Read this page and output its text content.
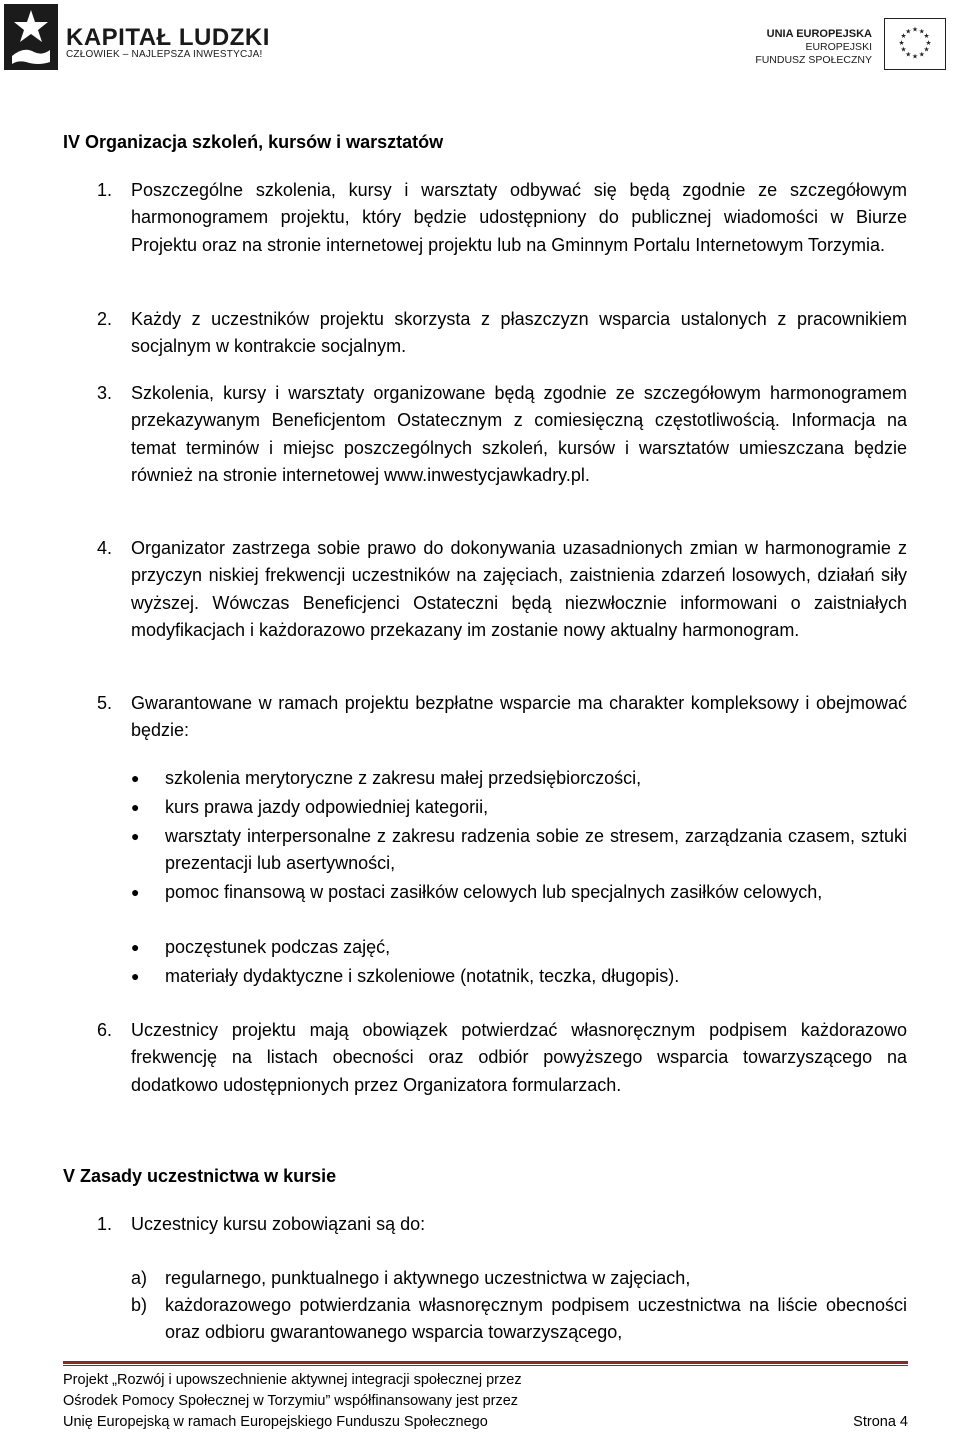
KAPITAŁ LUDZKI
CZŁOWIEK – NAJLEPSZA INWESTYCJA!
UNIA EUROPEJSKA
EUROPEJSKI
FUNDUSZ SPOŁECZNY
★ ★
★
★
★
★
★
★
★
★
★
★
IV Organizacja szkoleń, kursów i warsztatów
1. Poszczególne szkolenia, kursy i warsztaty odbywać się będą zgodnie ze szczegółowym harmonogramem projektu, który będzie udostępniony do publicznej wiadomości w Biurze Projektu oraz na stronie internetowej projektu lub na Gminnym Portalu Internetowym Torzymia.
2. Każdy z uczestników projektu skorzysta z płaszczyzn wsparcia ustalonych z pracownikiem socjalnym w kontrakcie socjalnym.
3. Szkolenia, kursy i warsztaty organizowane będą zgodnie ze szczegółowym harmonogramem przekazywanym Beneficjentom Ostatecznym z comiesięczną częstotliwością. Informacja na temat terminów i miejsc poszczególnych szkoleń, kursów i warsztatów umieszczana będzie również na stronie internetowej www.inwestycjawkadry.pl.
4. Organizator zastrzega sobie prawo do dokonywania uzasadnionych zmian w harmonogramie z przyczyn niskiej frekwencji uczestników na zajęciach, zaistnienia zdarzeń losowych, działań siły wyższej. Wówczas Beneficjenci Ostateczni będą niezwłocznie informowani o zaistniałych modyfikacjach i każdorazowo przekazany im zostanie nowy aktualny harmonogram.
5. Gwarantowane w ramach projektu bezpłatne wsparcie ma charakter kompleksowy i obejmować będzie:
● szkolenia merytoryczne z zakresu małej przedsiębiorczości,
● kurs prawa jazdy odpowiedniej kategorii,
● warsztaty interpersonalne z zakresu radzenia sobie ze stresem, zarządzania czasem, sztuki prezentacji lub asertywności,
● pomoc finansową w postaci zasiłków celowych lub specjalnych zasiłków celowych,
● poczęstunek podczas zajęć,
● materiały dydaktyczne i szkoleniowe (notatnik, teczka, długopis).
6. Uczestnicy projektu mają obowiązek potwierdzać własnoręcznym podpisem każdorazowo frekwencję na listach obecności oraz odbiór powyższego wsparcia towarzyszącego na dodatkowo udostępnionych przez Organizatora formularzach.
V Zasady uczestnictwa w kursie
1. Uczestnicy kursu zobowiązani są do:
a) regularnego, punktualnego i aktywnego uczestnictwa w zajęciach,
b) każdorazowego potwierdzania własnoręcznym podpisem uczestnictwa na liście obecności oraz odbioru gwarantowanego wsparcia towarzyszącego,
Projekt „Rozwój i upowszechnienie aktywnej integracji społecznej przez
Ośrodek Pomocy Społecznej w Torzymiu” współfinansowany jest przez
Unię Europejską w ramach Europejskiego Funduszu Społecznego	Strona 4
